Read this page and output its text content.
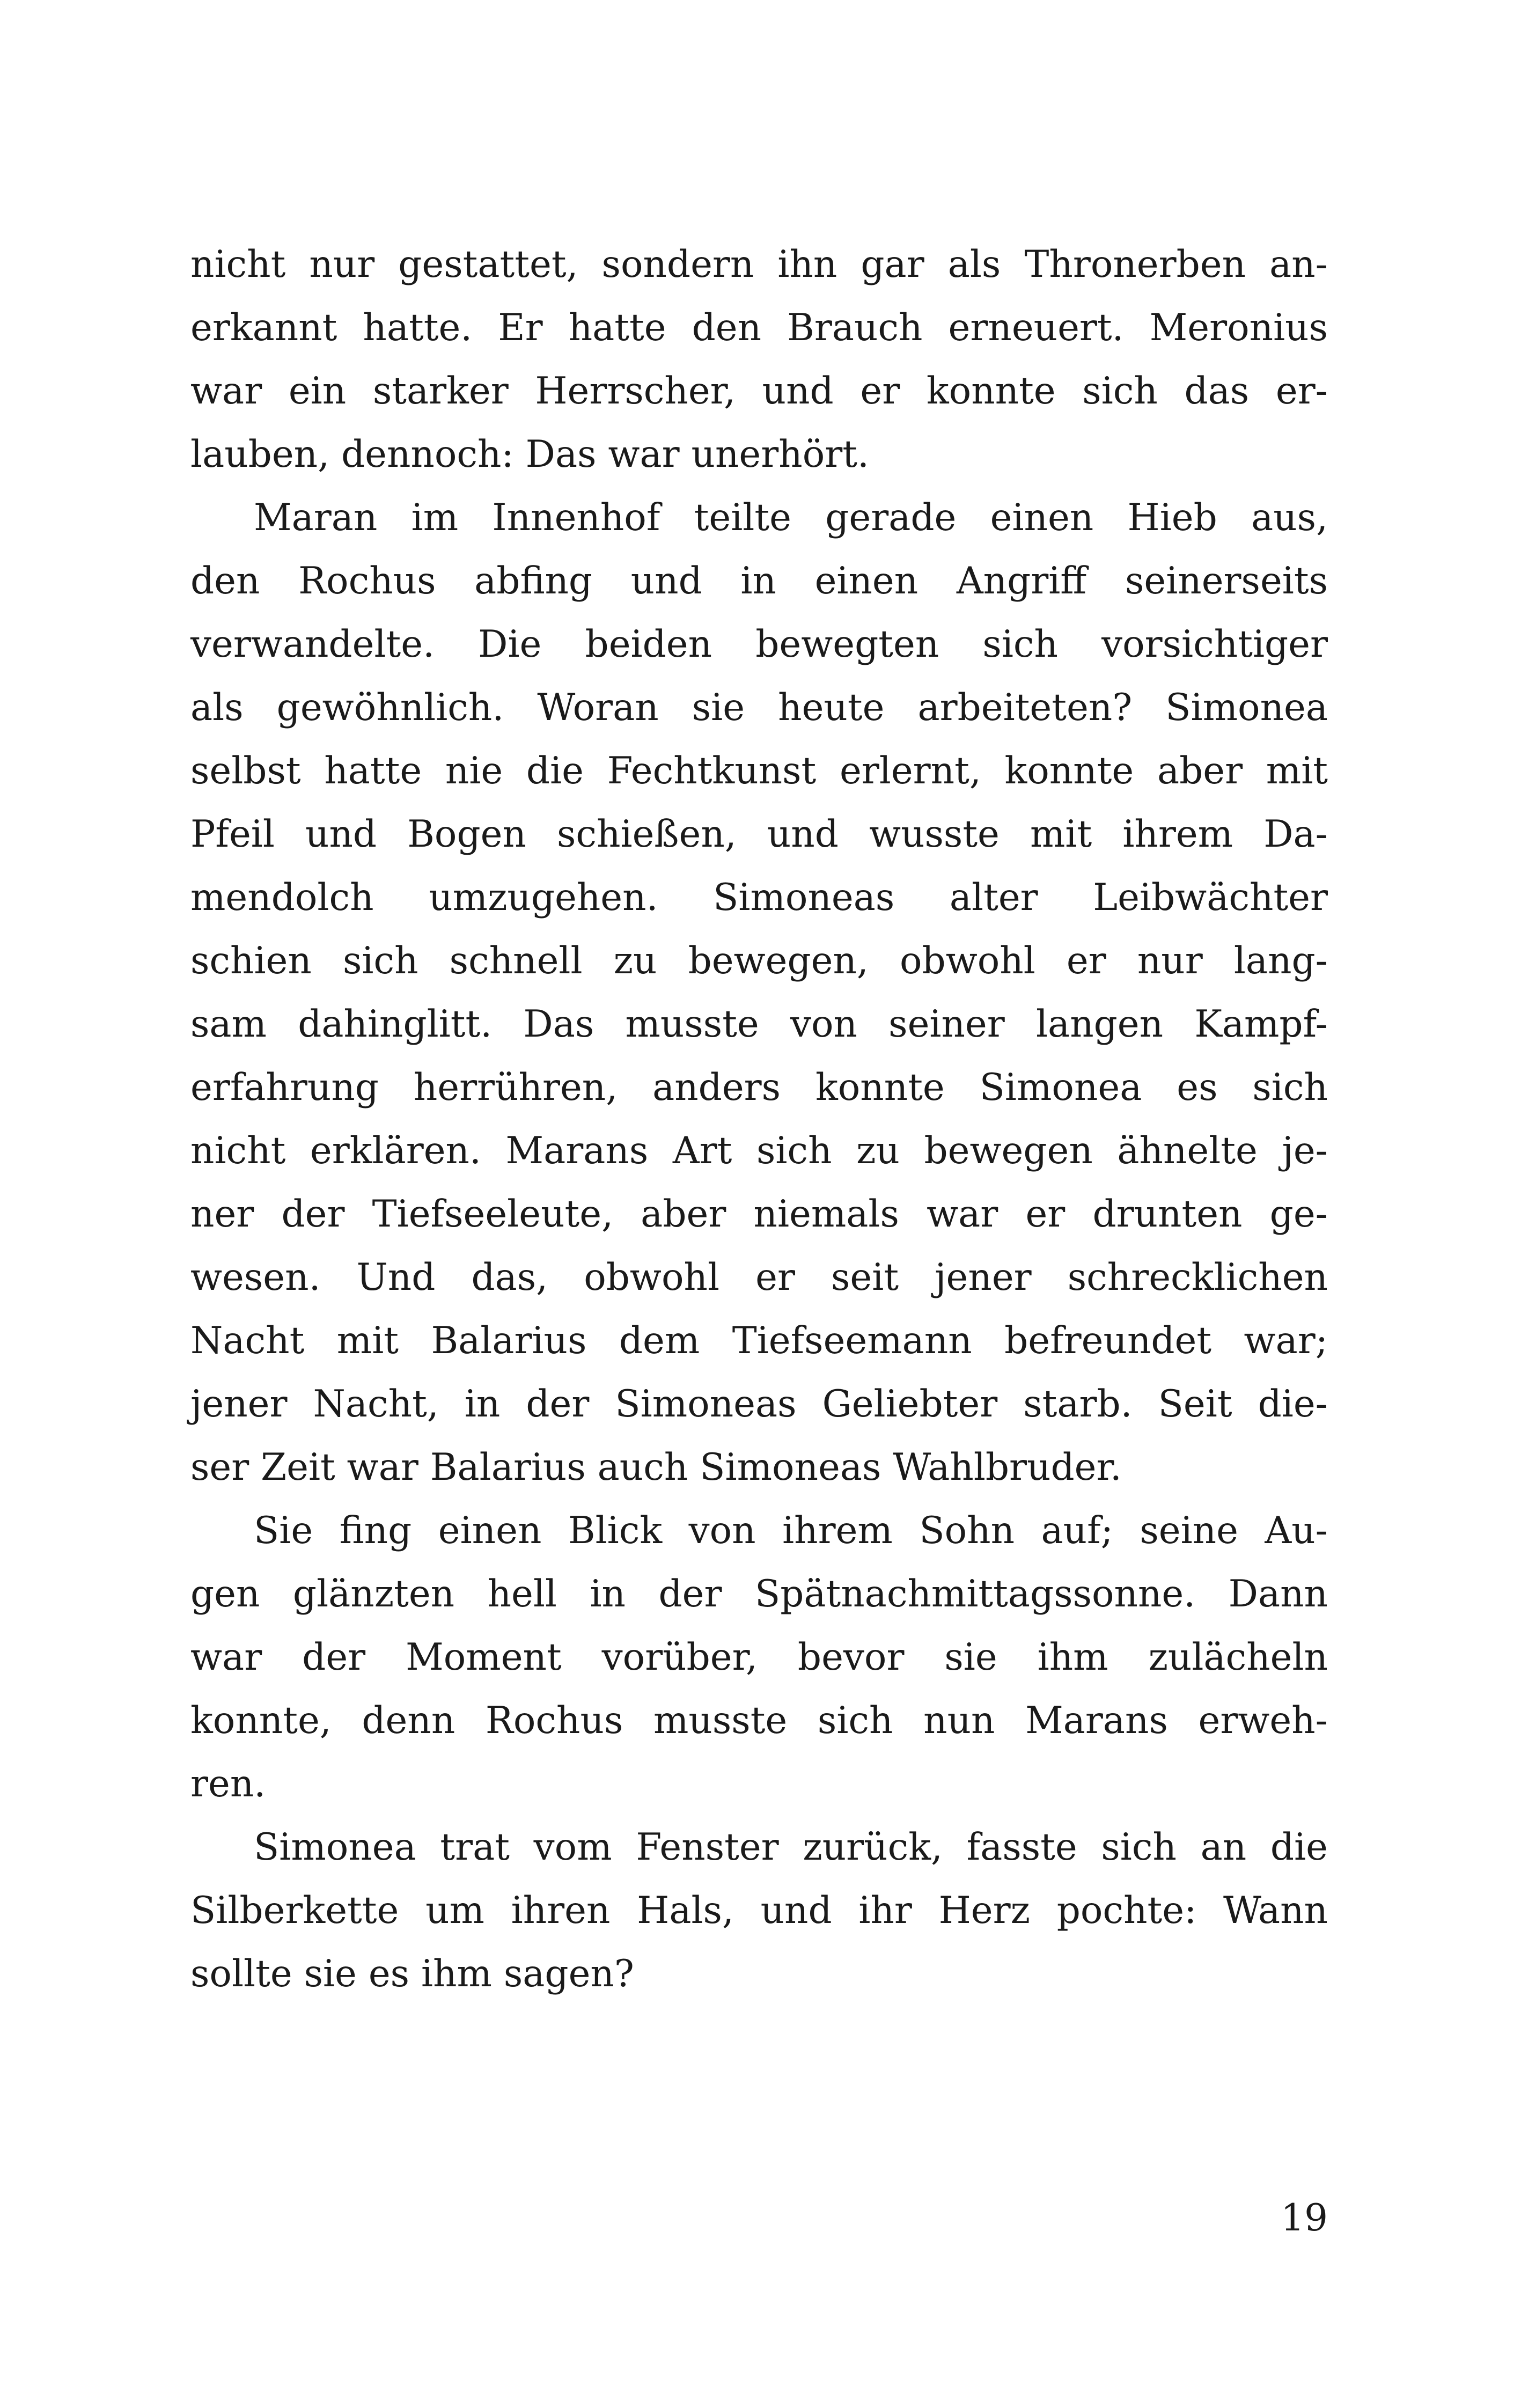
nicht nur gestattet, sondern ihn gar als Thronerben an-
erkannt hatte. Er hatte den Brauch erneuert. Meronius
war ein starker Herrscher, und er konnte sich das er-
lauben, dennoch: Das war unerhört.
Maran im Innenhof teilte gerade einen Hieb aus,
den Rochus abfing und in einen Angriff seinerseits
verwandelte. Die beiden bewegten sich vorsichtiger
als gewöhnlich. Woran sie heute arbeiteten? Simonea
selbst hatte nie die Fechtkunst erlernt, konnte aber mit
Pfeil und Bogen schießen, und wusste mit ihrem Da-
mendolch umzugehen. Simoneas alter Leibwächter
schien sich schnell zu bewegen, obwohl er nur lang-
sam dahinglitt. Das musste von seiner langen Kampf-
erfahrung herrühren, anders konnte Simonea es sich
nicht erklären. Marans Art sich zu bewegen ähnelte je-
ner der Tiefseeleute, aber niemals war er drunten ge-
wesen. Und das, obwohl er seit jener schrecklichen
Nacht mit Balarius dem Tiefseemann befreundet war;
jener Nacht, in der Simoneas Geliebter starb. Seit die-
ser Zeit war Balarius auch Simoneas Wahlbruder.
Sie fing einen Blick von ihrem Sohn auf; seine Au-
gen glänzten hell in der Spätnachmittagssonne. Dann
war der Moment vorüber, bevor sie ihm zulächeln
konnte, denn Rochus musste sich nun Marans erweh-
ren.
Simonea trat vom Fenster zurück, fasste sich an die
Silberkette um ihren Hals, und ihr Herz pochte: Wann
sollte sie es ihm sagen?
19
